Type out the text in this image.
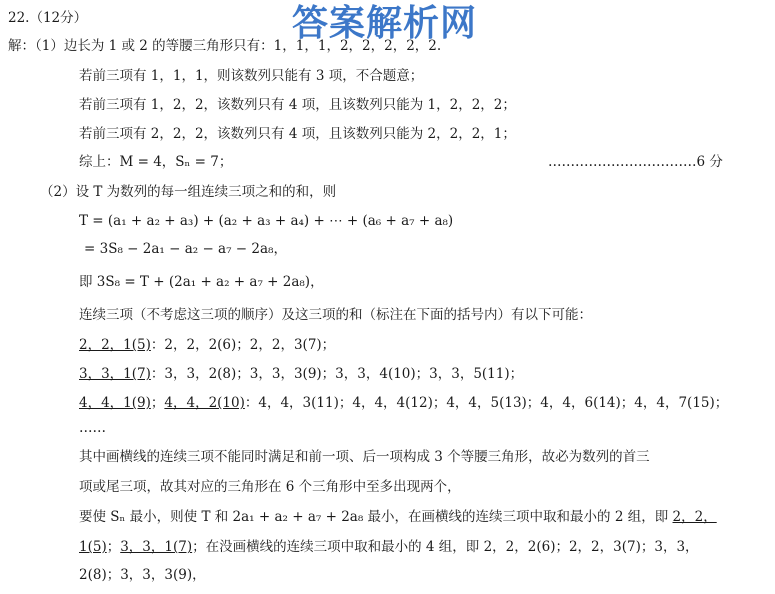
答案解析网
22.（12分）
解：（1）边长为 1 或 2 的等腰三角形只有：1，1，1，2，2，2，2，2.
若前三项有 1，1，1，则该数列只能有 3 项，不合题意；
若前三项有 1，2，2，该数列只有 4 项，且该数列只能为 1，2，2，2；
若前三项有 2，2，2，该数列只有 4 项，且该数列只能为 2，2，2，1；
综上：M = 4，Sₙ = 7；	……………………………6 分
（2）设 T 为数列的每一组连续三项之和的和，则
T = (a₁ + a₂ + a₃) + (a₂ + a₃ + a₄) + ⋯ + (a₆ + a₇ + a₈)
= 3S₈ − 2a₁ − a₂ − a₇ − 2a₈，
即 3S₈ = T + (2a₁ + a₂ + a₇ + 2a₈)，
连续三项（不考虑这三项的顺序）及这三项的和（标注在下面的括号内）有以下可能：
2，2，1(5)：2，2，2(6)；2，2，3(7)；
3，3，1(7)：3，3，2(8)；3，3，3(9)；3，3，4(10)；3，3，5(11)；
4，4，1(9)；4，4，2(10)：4，4，3(11)；4，4，4(12)；4，4，5(13)；4，4，6(14)；4，4，7(15)；
……
其中画横线的连续三项不能同时满足和前一项、后一项构成 3 个等腰三角形，故必为数列的首三
项或尾三项，故其对应的三角形在 6 个三角形中至多出现两个，
要使 Sₙ 最小，则使 T 和 2a₁ + a₂ + a₇ + 2a₈ 最小，在画横线的连续三项中取和最小的 2 组，即 2，2，
1(5)；3，3，1(7)；在没画横线的连续三项中取和最小的 4 组，即 2，2，2(6)；2，2，3(7)；3，3，
2(8)；3，3，3(9)，
